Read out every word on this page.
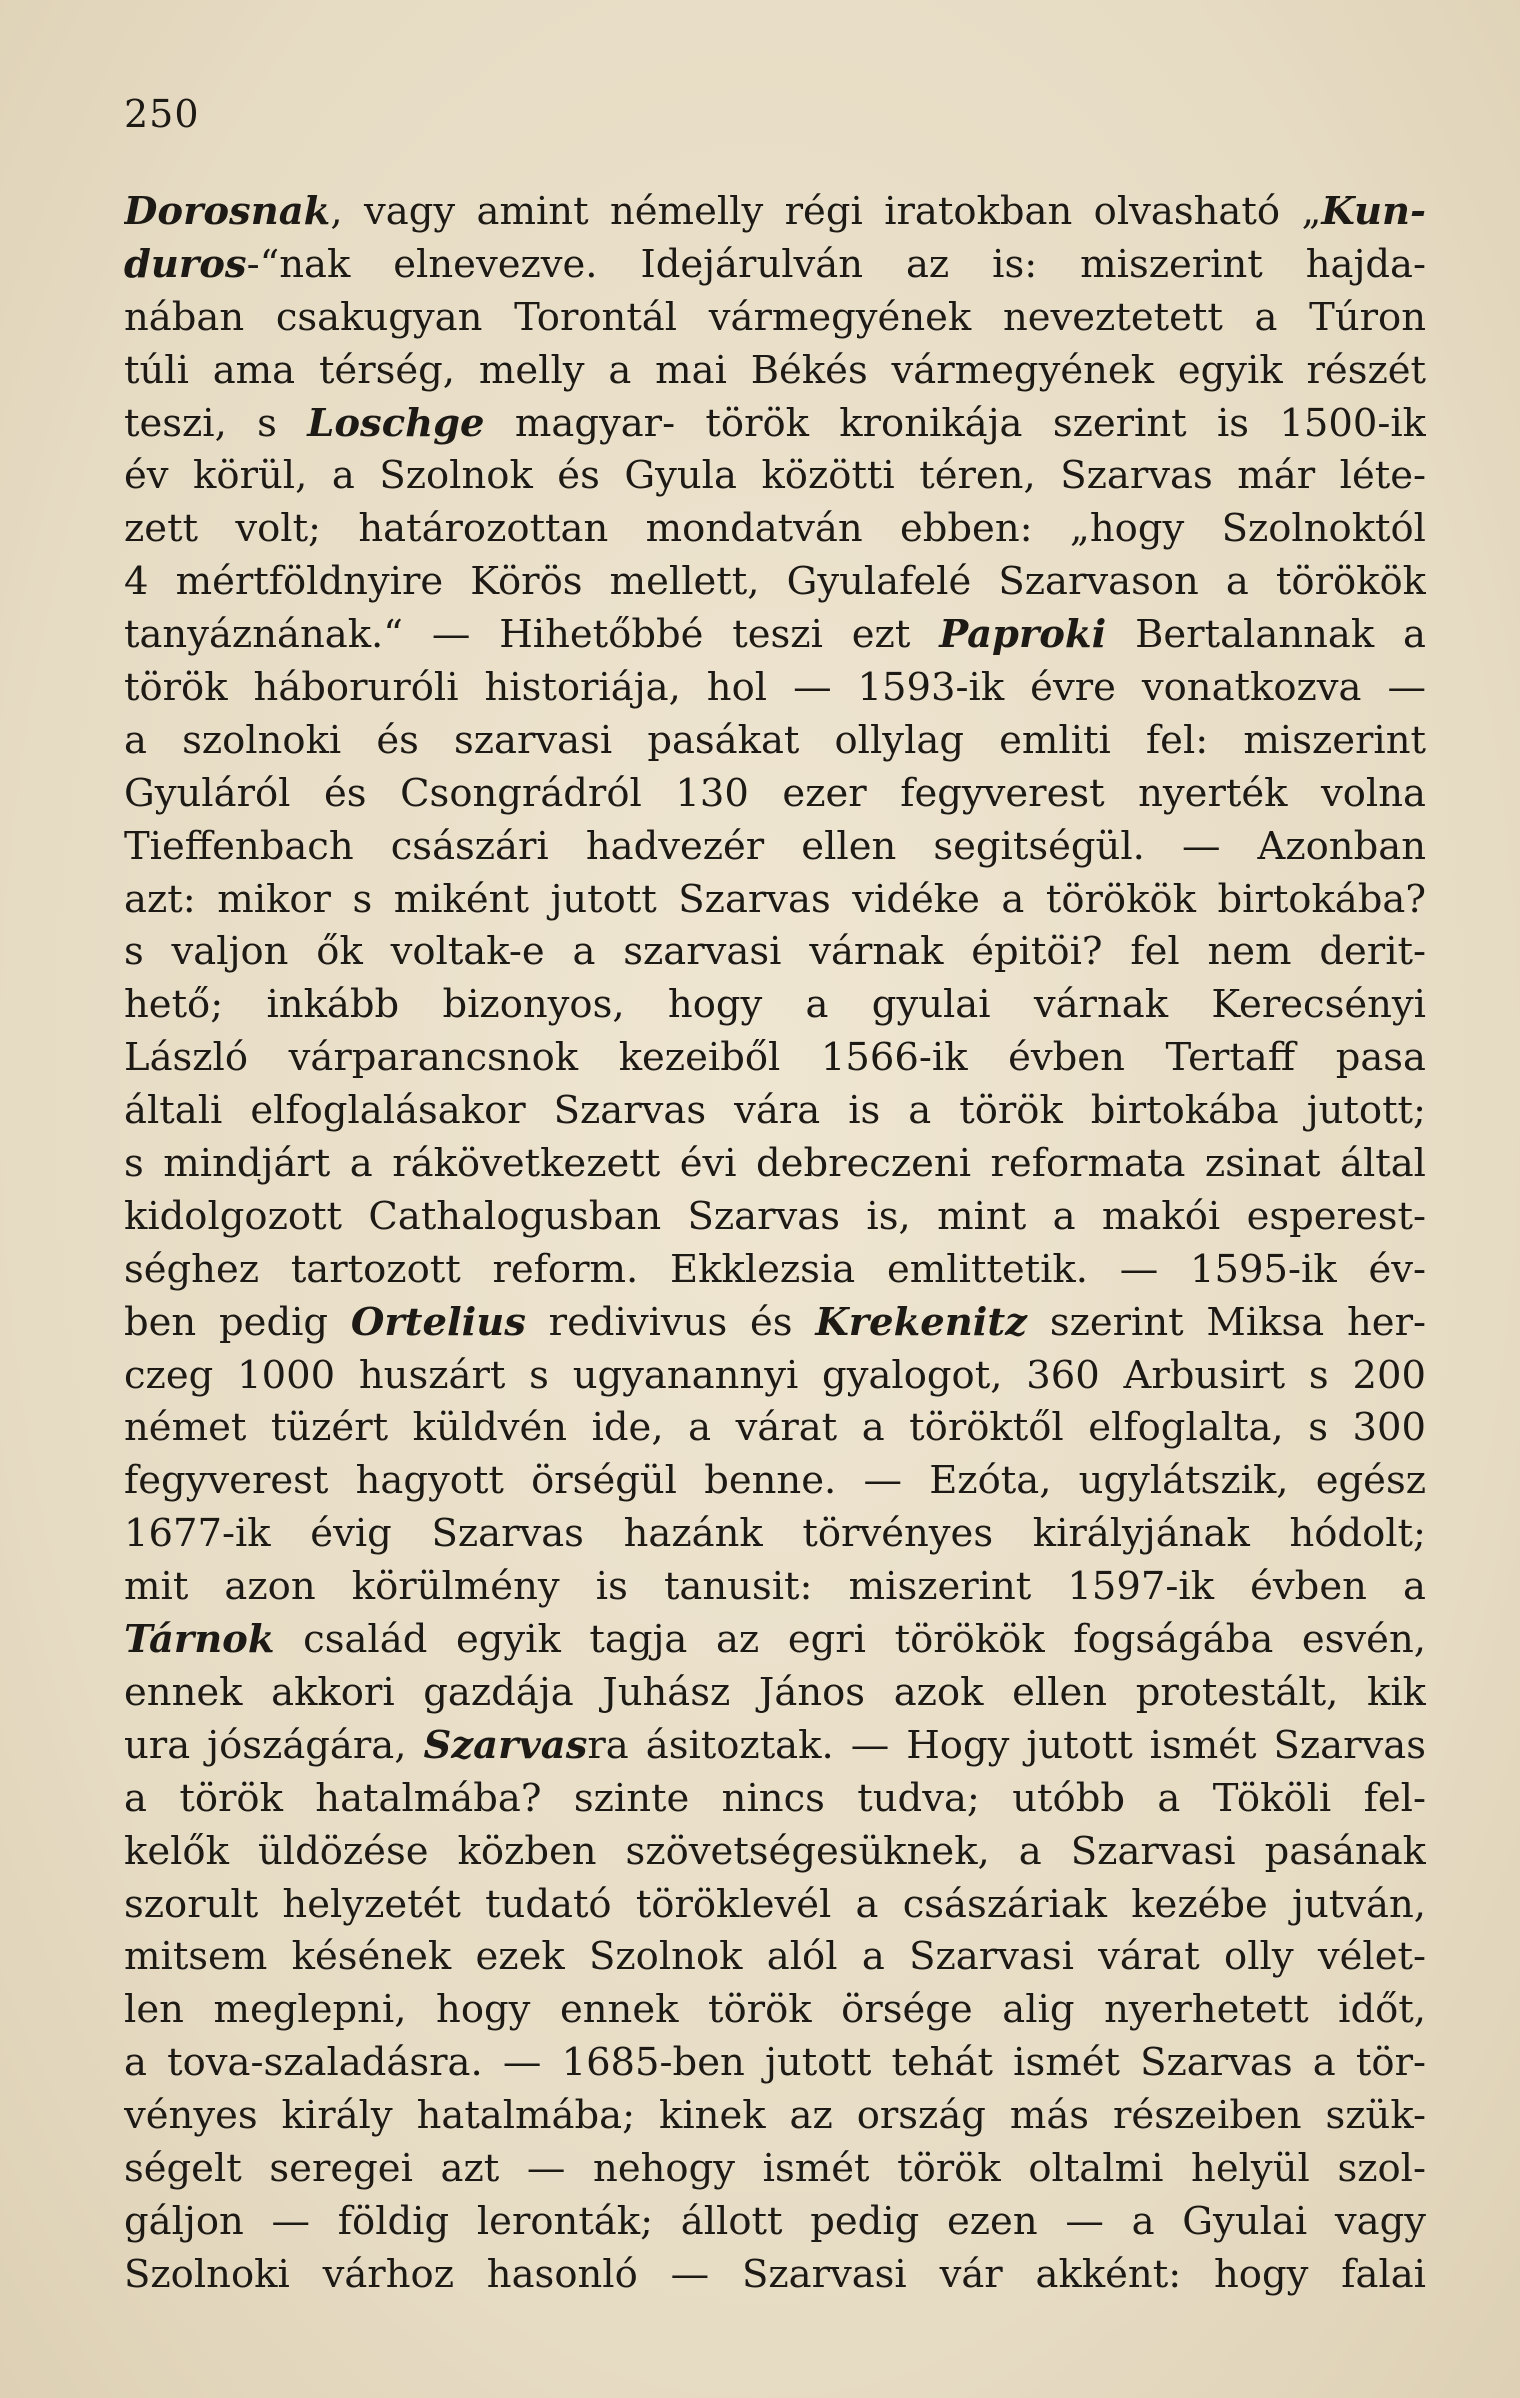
250
Dorosnak, vagy amint némelly régi iratokban olvasható „Kun-
duros-“nak elnevezve. Idejárulván az is: miszerint hajda-
nában csakugyan Torontál vármegyének neveztetett a Túron
túli ama térség, melly a mai Békés vármegyének egyik részét
teszi, s Loschge magyar- török kronikája szerint is 1500-ik
év körül, a Szolnok és Gyula közötti téren, Szarvas már léte-
zett volt; határozottan mondatván ebben: „hogy Szolnoktól
4 mértföldnyire Körös mellett, Gyulafelé Szarvason a törökök
tanyáznának.“ — Hihetőbbé teszi ezt Paproki Bertalannak a
török háboruróli historiája, hol — 1593-ik évre vonatkozva —
a szolnoki és szarvasi pasákat ollylag emliti fel: miszerint
Gyuláról és Csongrádról 130 ezer fegyverest nyerték volna
Tieffenbach császári hadvezér ellen segitségül. — Azonban
azt: mikor s miként jutott Szarvas vidéke a törökök birtokába?
s valjon ők voltak-e a szarvasi várnak épitöi? fel nem derit-
hető; inkább bizonyos, hogy a gyulai várnak Kerecsényi
László várparancsnok kezeiből 1566-ik évben Tertaff pasa
általi elfoglalásakor Szarvas vára is a török birtokába jutott;
s mindjárt a rákövetkezett évi debreczeni reformata zsinat által
kidolgozott Cathalogusban Szarvas is, mint a makói esperest-
séghez tartozott reform. Ekklezsia emlittetik. — 1595-ik év-
ben pedig Ortelius redivivus és Krekenitz szerint Miksa her-
czeg 1000 huszárt s ugyanannyi gyalogot, 360 Arbusirt s 200
német tüzért küldvén ide, a várat a töröktől elfoglalta, s 300
fegyverest hagyott örségül benne. — Ezóta, ugylátszik, egész
1677-ik évig Szarvas hazánk törvényes királyjának hódolt;
mit azon körülmény is tanusit: miszerint 1597-ik évben a
Tárnok család egyik tagja az egri törökök fogságába esvén,
ennek akkori gazdája Juhász János azok ellen protestált, kik
ura jószágára, Szarvasra ásitoztak. — Hogy jutott ismét Szarvas
a török hatalmába? szinte nincs tudva; utóbb a Tököli fel-
kelők üldözése közben szövetségesüknek, a Szarvasi pasának
szorult helyzetét tudató töröklevél a császáriak kezébe jutván,
mitsem késének ezek Szolnok alól a Szarvasi várat olly vélet-
len meglepni, hogy ennek török örsége alig nyerhetett időt,
a tova-szaladásra. — 1685-ben jutott tehát ismét Szarvas a tör-
vényes király hatalmába; kinek az ország más részeiben szük-
ségelt seregei azt — nehogy ismét török oltalmi helyül szol-
gáljon — földig leronták; állott pedig ezen — a Gyulai vagy
Szolnoki várhoz hasonló — Szarvasi vár akként: hogy falai
